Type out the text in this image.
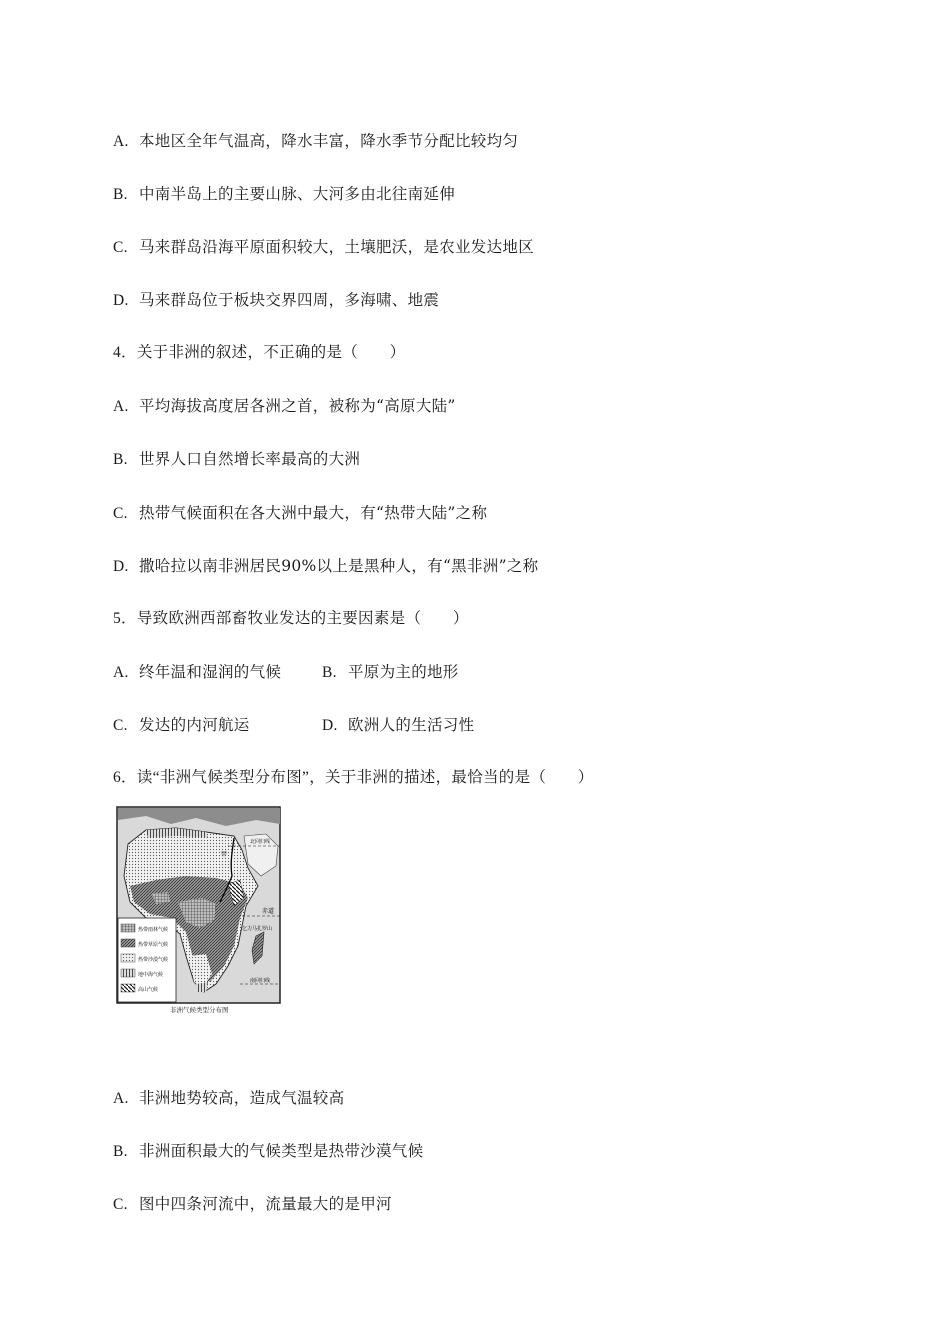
A. 本地区全年气温高，降水丰富，降水季节分配比较均匀
B. 中南半岛上的主要山脉、大河多由北往南延伸
C. 马来群岛沿海平原面积较大，土壤肥沃，是农业发达地区
D. 马来群岛位于板块交界四周，多海啸、地震
4．关于非洲的叙述，不正确的是（　　）
A. 平均海拔高度居各洲之首，被称为“高原大陆”
B. 世界人口自然增长率最高的大洲
C. 热带气候面积在各大洲中最大，有“热带大陆”之称
D. 撒哈拉以南非洲居民90%以上是黑种人，有“黑非洲”之称
5．导致欧洲西部畜牧业发达的主要因素是（　　）
A. 终年温和湿润的气候	B. 平原为主的地形
C. 发达的内河航运	D. 欧洲人的生活习性
6．读“非洲气候类型分布图”，关于非洲的描述，最恰当的是（　　）
甲
北回归线
赤道
乞力马扎罗山
南回归线
热带雨林气候
热带草原气候
热带沙漠气候
地中海气候
高山气候
非洲气候类型分布图
A. 非洲地势较高，造成气温较高
B. 非洲面积最大的气候类型是热带沙漠气候
C. 图中四条河流中，流量最大的是甲河
